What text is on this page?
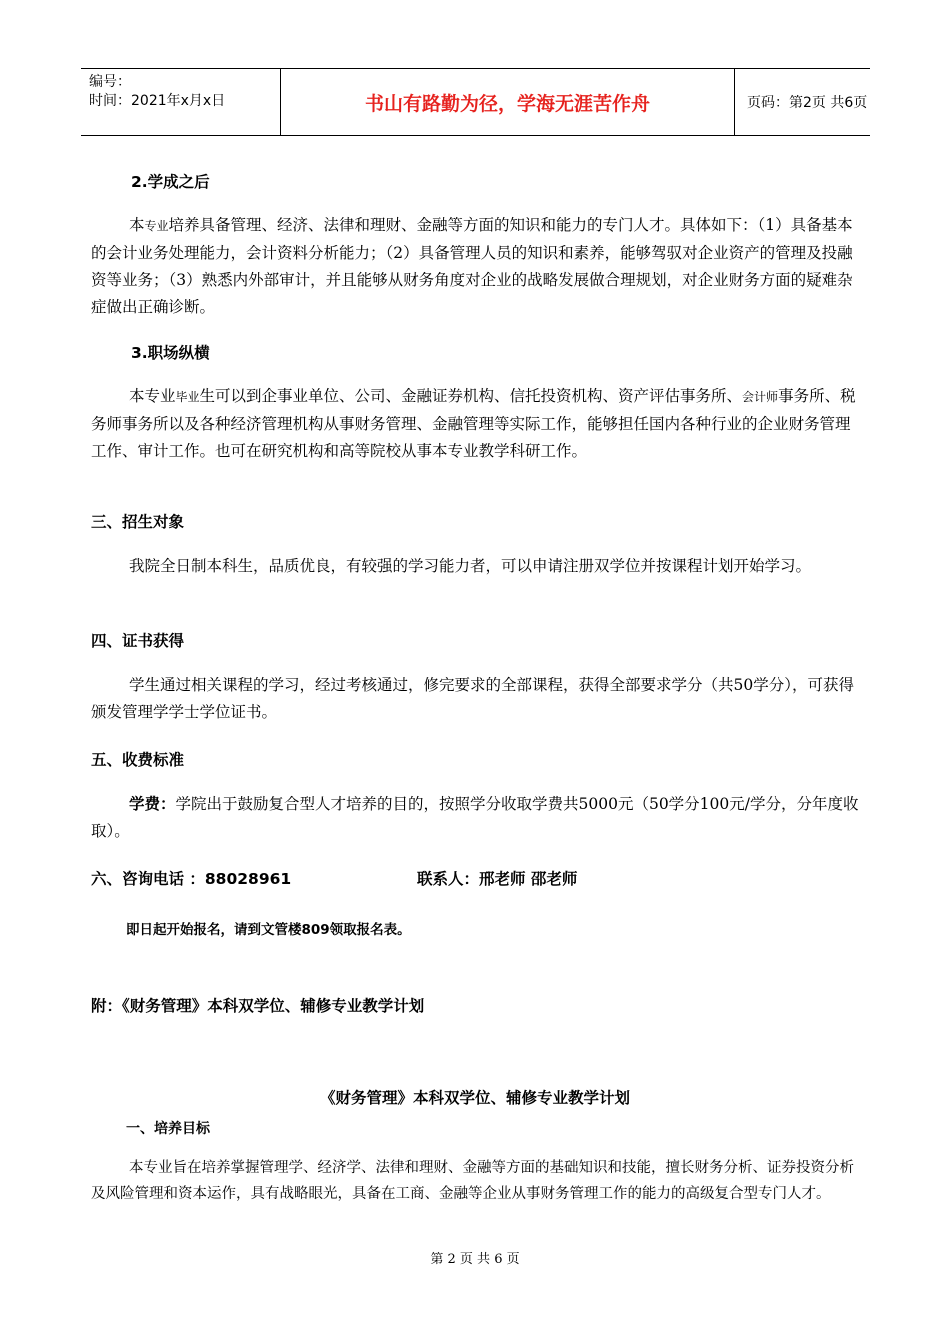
编号：
时间：2021年x月x日	书山有路勤为径，学海无涯苦作舟	页码：第2页 共6页
2.学成之后
本专业培养具备管理、经济、法律和理财、金融等方面的知识和能力的专门人才。具体如下：（1）具备基本的会计业务处理能力，会计资料分析能力；（2）具备管理人员的知识和素养，能够驾驭对企业资产的管理及投融资等业务；（3）熟悉内外部审计，并且能够从财务角度对企业的战略发展做合理规划，对企业财务方面的疑难杂症做出正确诊断。
3.职场纵横
本专业毕业生可以到企事业单位、公司、金融证券机构、信托投资机构、资产评估事务所、会计师事务所、税务师事务所以及各种经济管理机构从事财务管理、金融管理等实际工作，能够担任国内各种行业的企业财务管理工作、审计工作。也可在研究机构和高等院校从事本专业教学科研工作。
三、招生对象
我院全日制本科生，品质优良，有较强的学习能力者，可以申请注册双学位并按课程计划开始学习。
四、证书获得
学生通过相关课程的学习，经过考核通过，修完要求的全部课程，获得全部要求学分（共50学分），可获得颁发管理学学士学位证书。
五、收费标准
学费：学院出于鼓励复合型人才培养的目的，按照学分收取学费共5000元（50学分100元/学分，分年度收取）。
六、咨询电话 ：88028961	联系人：邢老师 邵老师
即日起开始报名，请到文管楼809领取报名表。
附：《财务管理》本科双学位、辅修专业教学计划
《财务管理》本科双学位、辅修专业教学计划
一、培养目标
本专业旨在培养掌握管理学、经济学、法律和理财、金融等方面的基础知识和技能，擅长财务分析、证券投资分析及风险管理和资本运作，具有战略眼光，具备在工商、金融等企业从事财务管理工作的能力的高级复合型专门人才。
第 2 页 共 6 页
